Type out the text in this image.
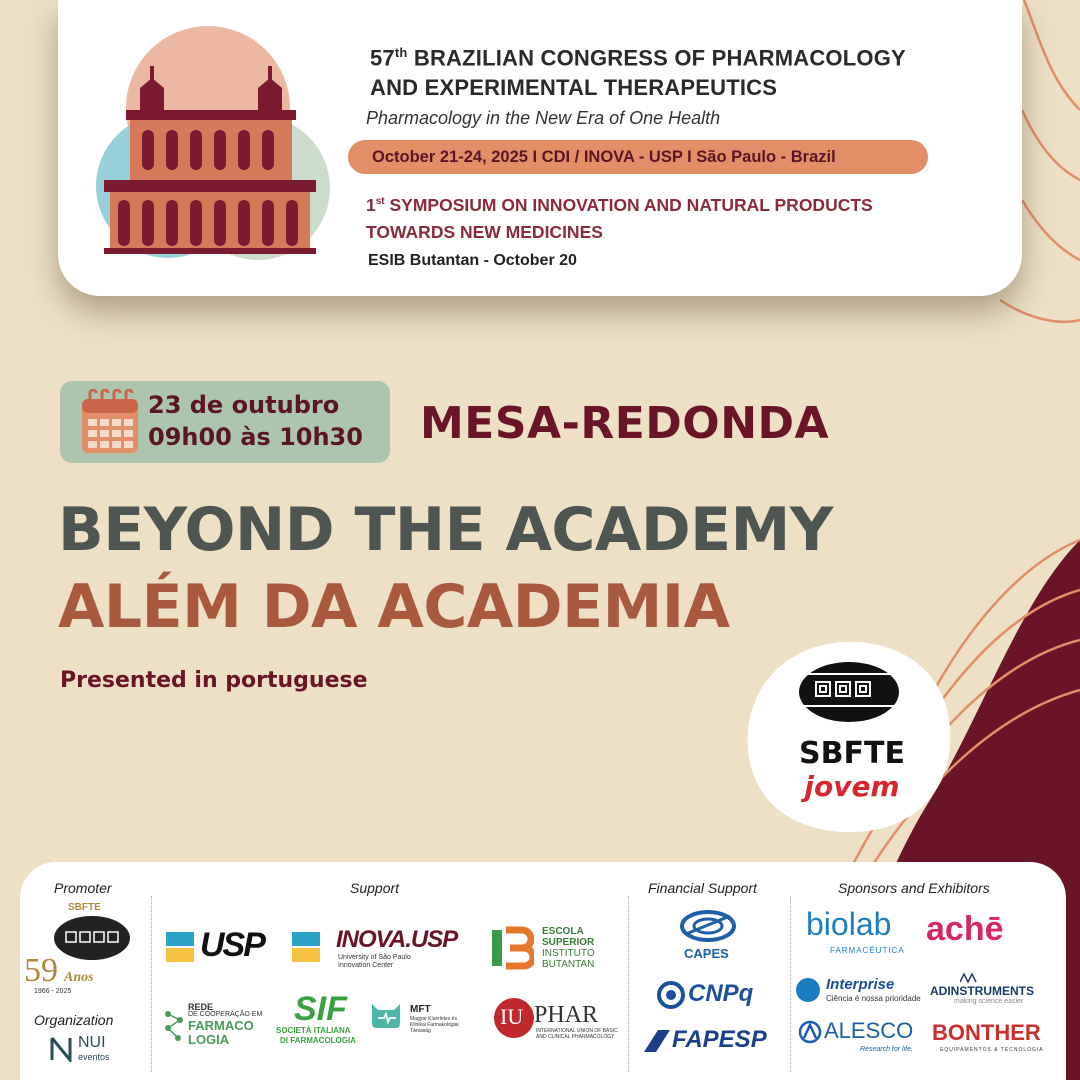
57th BRAZILIAN CONGRESS OF PHARMACOLOGY
AND EXPERIMENTAL THERAPEUTICS
Pharmacology in the New Era of One Health
October 21-24, 2025 I CDI / INOVA - USP I São Paulo - Brazil
1st SYMPOSIUM ON INNOVATION AND NATURAL PRODUCTS
TOWARDS NEW MEDICINES
ESIB Butantan - October 20
23 de outubro
09h00 às 10h30 MESA-REDONDA
BEYOND THE ACADEMY
ALÉM DA ACADEMIA
Presented in portuguese
SBFTE
jovem
Promoter	Support	Financial Support	Sponsors and Exhibitors
Organization
SBFTE
59 Anos
1966 - 2025
NUI
eventos
USP	INOVA.USP
University of São Paulo
Innovation Center
ESCOLA
SUPERIOR
INSTITUTO
BUTANTAN
REDE
DE COOPERAÇÃO EM
FARMACO
LOGIA
SIF
SOCIETÀ ITALIANA
DI FARMACOLOGIA
MFT
Magyar Kísérletes és Klinikai Farmakológiai Társaság
IU PHAR
INTERNATIONAL UNION OF BASIC
AND CLINICAL PHARMACOLOGY
CAPES
CNPq
FAPESP
biolab
FARMACÊUTICA
achē
Interprise
Ciência é nossa prioridade
ADINSTRUMENTS
making science easier
ALESCO
Research for life.
BONTHER
EQUIPAMENTOS & TECNOLOGIA
